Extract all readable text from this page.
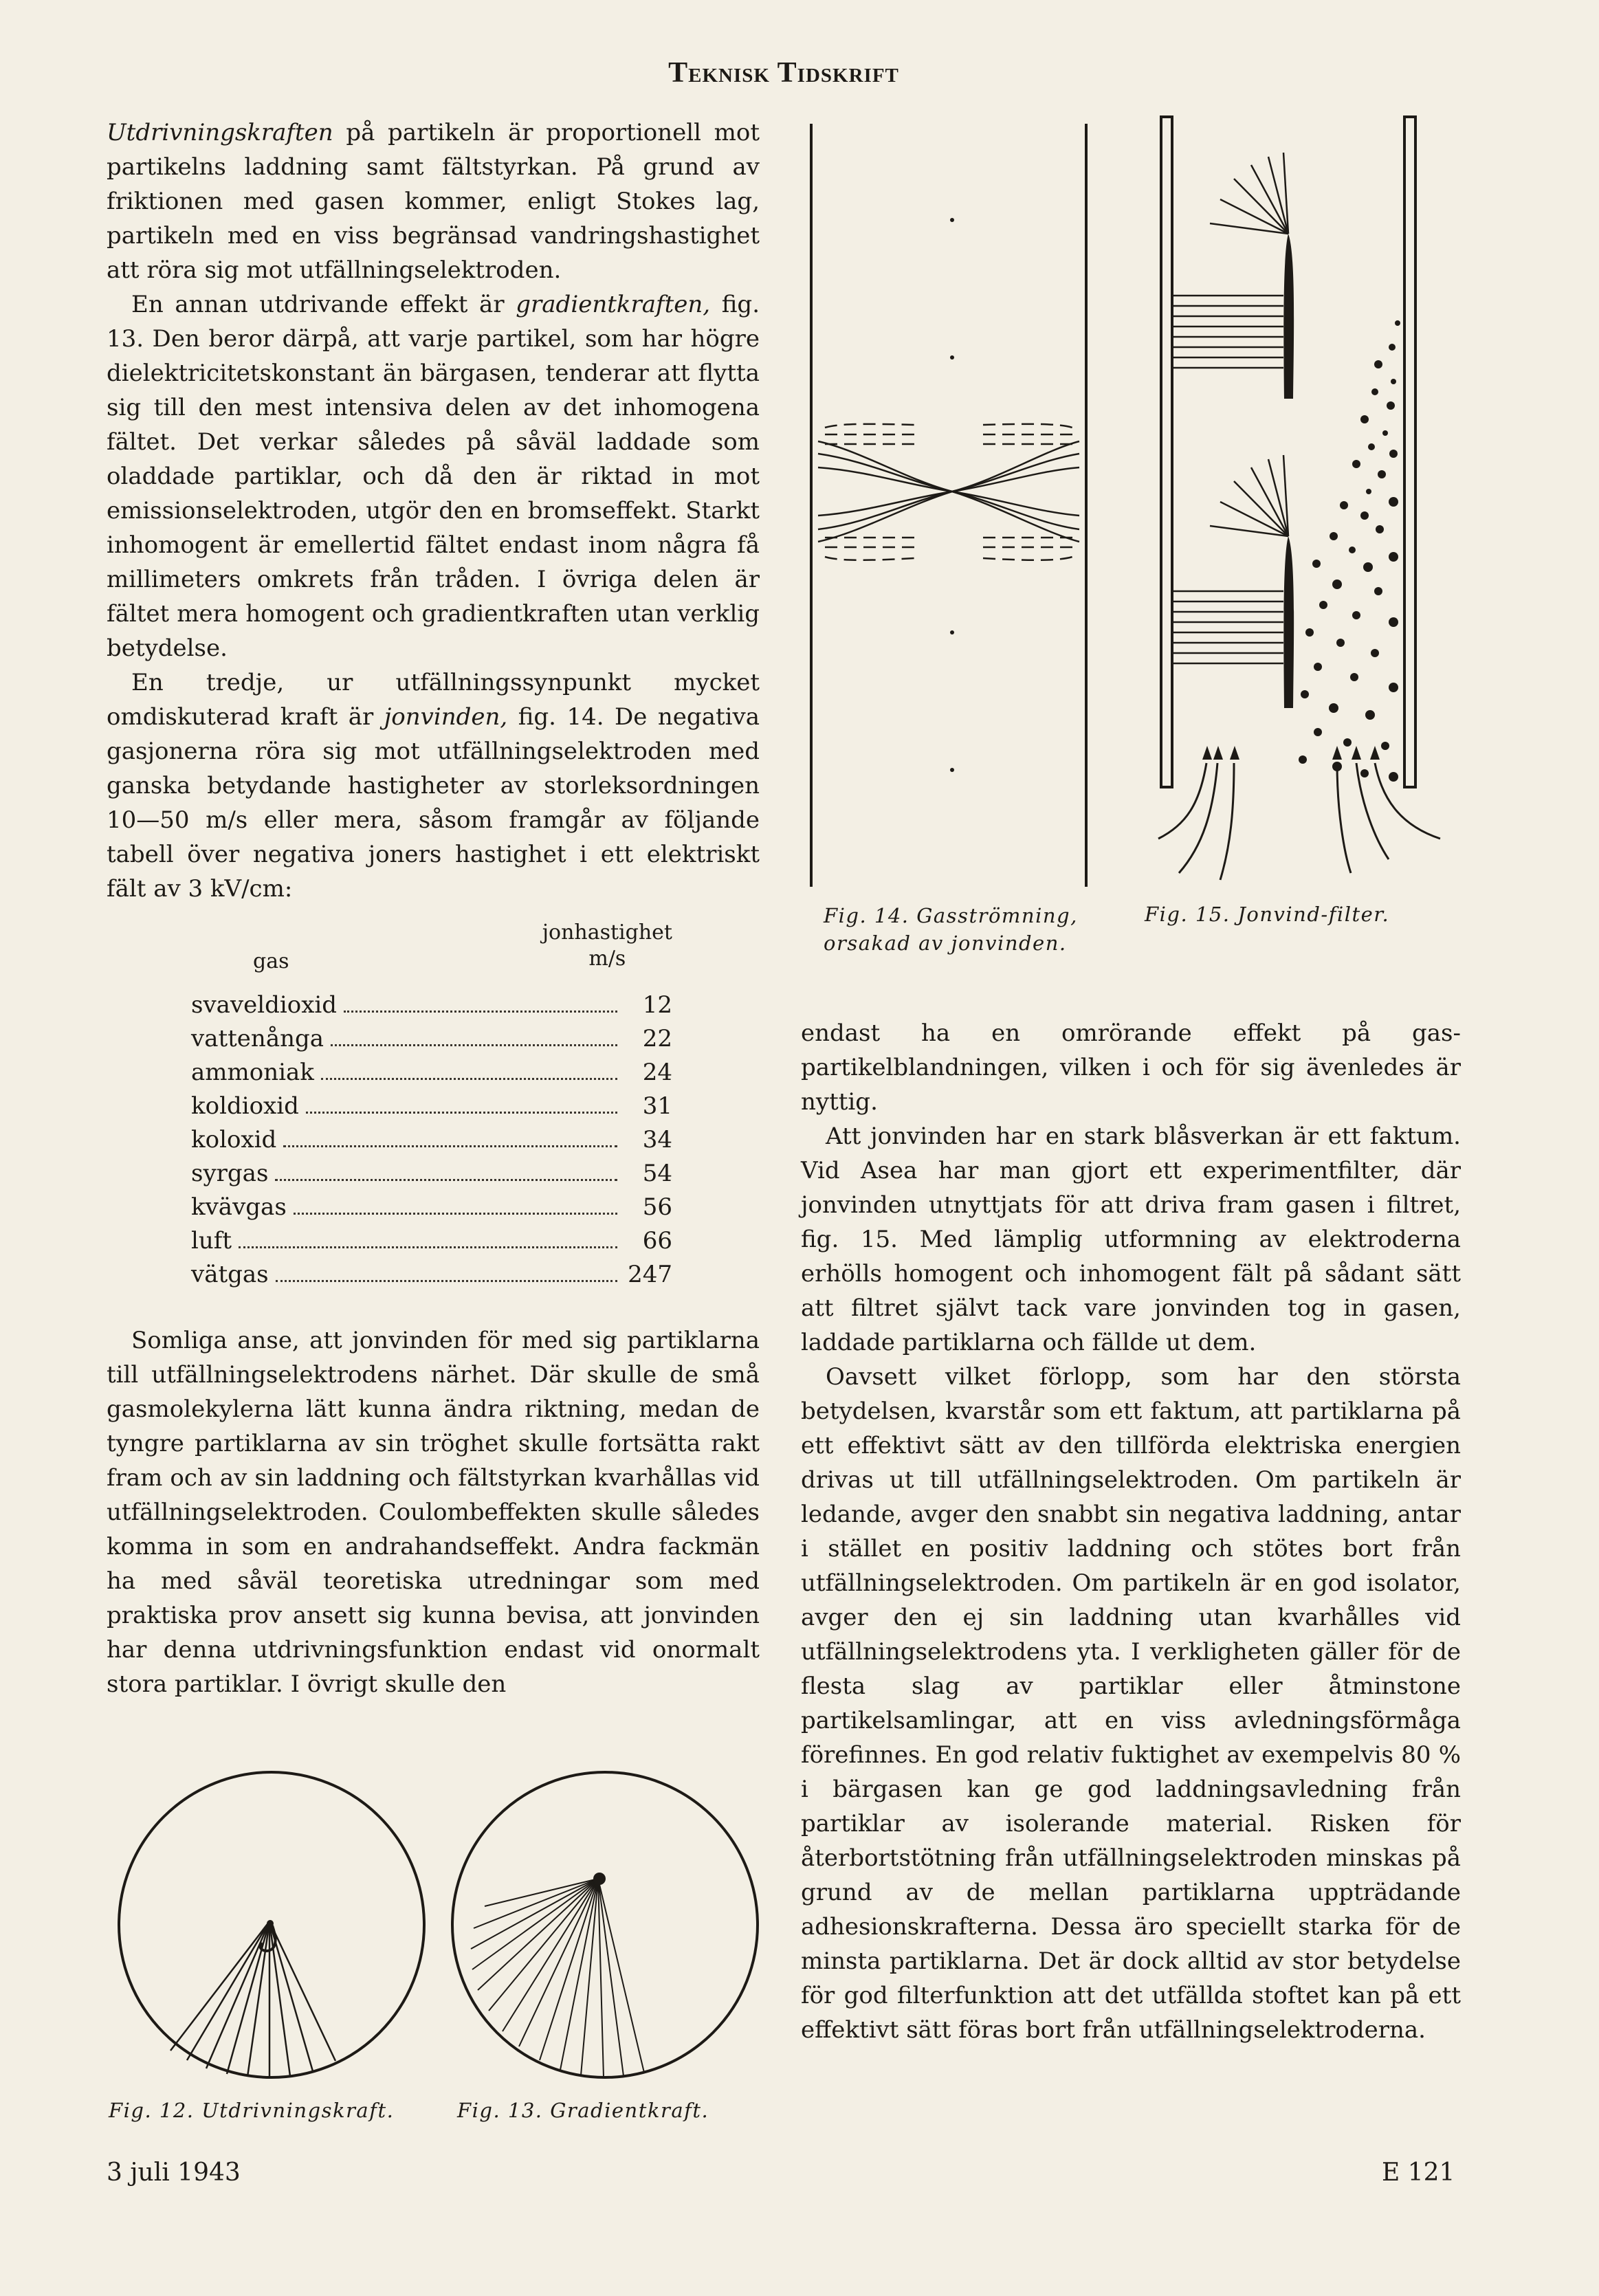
Teknisk Tidskrift

Utdrivningskraften på partikeln är proportionell mot partikelns laddning samt fältstyrkan. På grund av friktionen med gasen kommer, enligt Stokes lag, partikeln med en viss begränsad vandringshastighet att röra sig mot utfällningselektroden.

En annan utdrivande effekt är gradientkraften, fig. 13. Den beror därpå, att varje partikel, som har högre dielektricitetskonstant än bärgasen, tenderar att flytta sig till den mest intensiva delen av det inhomogena fältet. Det verkar således på såväl laddade som oladdade partiklar, och då den är riktad in mot emissionselektroden, utgör den en bromseffekt. Starkt inhomogent är emellertid fältet endast inom några få millimeters omkrets från tråden. I övriga delen är fältet mera homogent och gradientkraften utan verklig betydelse.

En tredje, ur utfällningssynpunkt mycket omdiskuterad kraft är jonvinden, fig. 14. De negativa gasjonerna röra sig mot utfällningselektroden med ganska betydande hastigheter av storleksordningen 10—50 m/s eller mera, såsom framgår av följande tabell över negativa joners hastighet i ett elektriskt fält av 3 kV/cm:

gas
jonhastighet
m/s
svaveldioxid	12
vattenånga	22
ammoniak	24
koldioxid	31
koloxid	34
syrgas	54
kvävgas	56
luft	66
vätgas	247

Somliga anse, att jonvinden för med sig partiklarna till utfällningselektrodens närhet. Där skulle de små gasmolekylerna lätt kunna ändra riktning, medan de tyngre partiklarna av sin tröghet skulle fortsätta rakt fram och av sin laddning och fältstyrkan kvarhållas vid utfällningselektroden. Coulombeffekten skulle således komma in som en andrahandseffekt. Andra fackmän ha med såväl teoretiska utredningar som med praktiska prov ansett sig kunna bevisa, att jonvinden har denna utdrivningsfunktion endast vid onormalt stora partiklar. I övrigt skulle den

Fig. 12. Utdrivningskraft.	Fig. 13. Gradientkraft.
Fig. 14. Gasströmning,
orsakad av jonvinden.
Fig. 15. Jonvind-filter.

endast ha en omrörande effekt på gas-partikelblandningen, vilken i och för sig ävenledes är nyttig.

Att jonvinden har en stark blåsverkan är ett faktum. Vid Asea har man gjort ett experimentfilter, där jonvinden utnyttjats för att driva fram gasen i filtret, fig. 15. Med lämplig utformning av elektroderna erhölls homogent och inhomogent fält på sådant sätt att filtret självt tack vare jonvinden tog in gasen, laddade partiklarna och fällde ut dem.

Oavsett vilket förlopp, som har den största betydelsen, kvarstår som ett faktum, att partiklarna på ett effektivt sätt av den tillförda elektriska energien drivas ut till utfällningselektroden. Om partikeln är ledande, avger den snabbt sin negativa laddning, antar i stället en positiv laddning och stötes bort från utfällningselektroden. Om partikeln är en god isolator, avger den ej sin laddning utan kvarhålles vid utfällningselektrodens yta. I verkligheten gäller för de flesta slag av partiklar eller åtminstone partikelsamlingar, att en viss avledningsförmåga förefinnes. En god relativ fuktighet av exempelvis 80 % i bärgasen kan ge god laddningsavledning från partiklar av isolerande material. Risken för återbortstötning från utfällningselektroden minskas på grund av de mellan partiklarna uppträdande adhesionskrafterna. Dessa äro speciellt starka för de minsta partiklarna. Det är dock alltid av stor betydelse för god filterfunktion att det utfällda stoftet kan på ett effektivt sätt föras bort från utfällningselektroderna.

3 juli 1943	E 121
